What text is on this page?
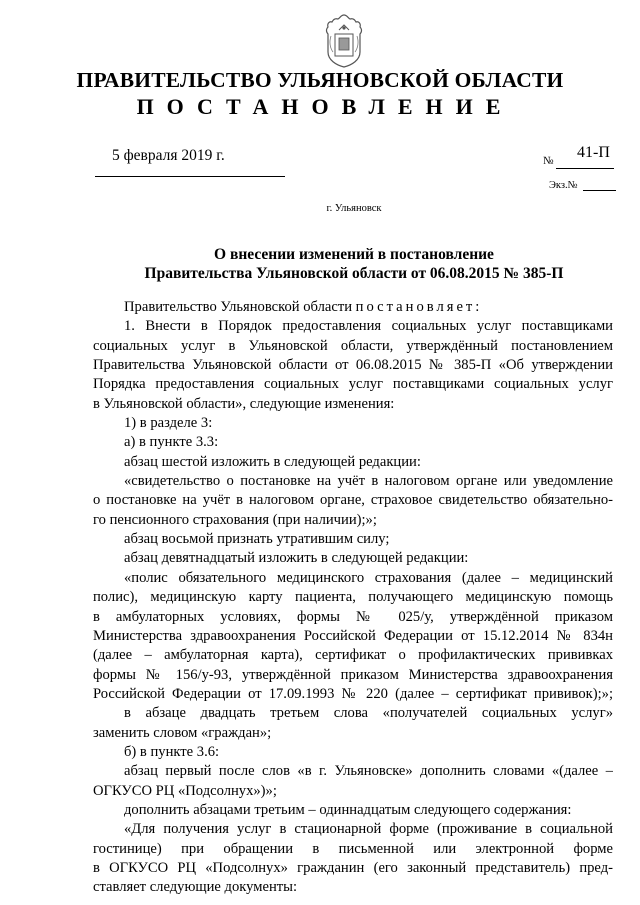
ПРАВИТЕЛЬСТВО УЛЬЯНОВСКОЙ ОБЛАСТИ
ПОСТАНОВЛЕНИЕ
5 февраля 2019 г.	№ 41-П
Экз.№
г. Ульяновск
О внесении изменений в постановление
Правительства Ульяновской области от 06.08.2015 № 385-П
Правительство Ульяновской области постановляет:
1. Внести в Порядок предоставления социальных услуг поставщиками
социальных услуг в Ульяновской области, утверждённый постановлением
Правительства Ульяновской области от 06.08.2015 № 385-П «Об утверждении
Порядка предоставления социальных услуг поставщиками социальных услуг
в Ульяновской области», следующие изменения:
1) в разделе 3:
а) в пункте 3.3:
абзац шестой изложить в следующей редакции:
«свидетельство о постановке на учёт в налоговом органе или уведомление
о постановке на учёт в налоговом органе, страховое свидетельство обязательно-
го пенсионного страхования (при наличии);»;
абзац восьмой признать утратившим силу;
абзац девятнадцатый изложить в следующей редакции:
«полис обязательного медицинского страхования (далее – медицинский
полис), медицинскую карту пациента, получающего медицинскую помощь
в амбулаторных условиях, формы № 025/у, утверждённой приказом
Министерства здравоохранения Российской Федерации от 15.12.2014 № 834н
(далее – амбулаторная карта), сертификат о профилактических прививках
формы № 156/у-93, утверждённой приказом Министерства здравоохранения
Российской Федерации от 17.09.1993 № 220 (далее – сертификат прививок);»;
в абзаце двадцать третьем слова «получателей социальных услуг»
заменить словом «граждан»;
б) в пункте 3.6:
абзац первый после слов «в г. Ульяновске» дополнить словами «(далее –
ОГКУСО РЦ «Подсолнух»)»;
дополнить абзацами третьим – одиннадцатым следующего содержания:
«Для получения услуг в стационарной форме (проживание в социальной
гостинице) при обращении в письменной или электронной форме
в ОГКУСО РЦ «Подсолнух» гражданин (его законный представитель) пред-
ставляет следующие документы:
